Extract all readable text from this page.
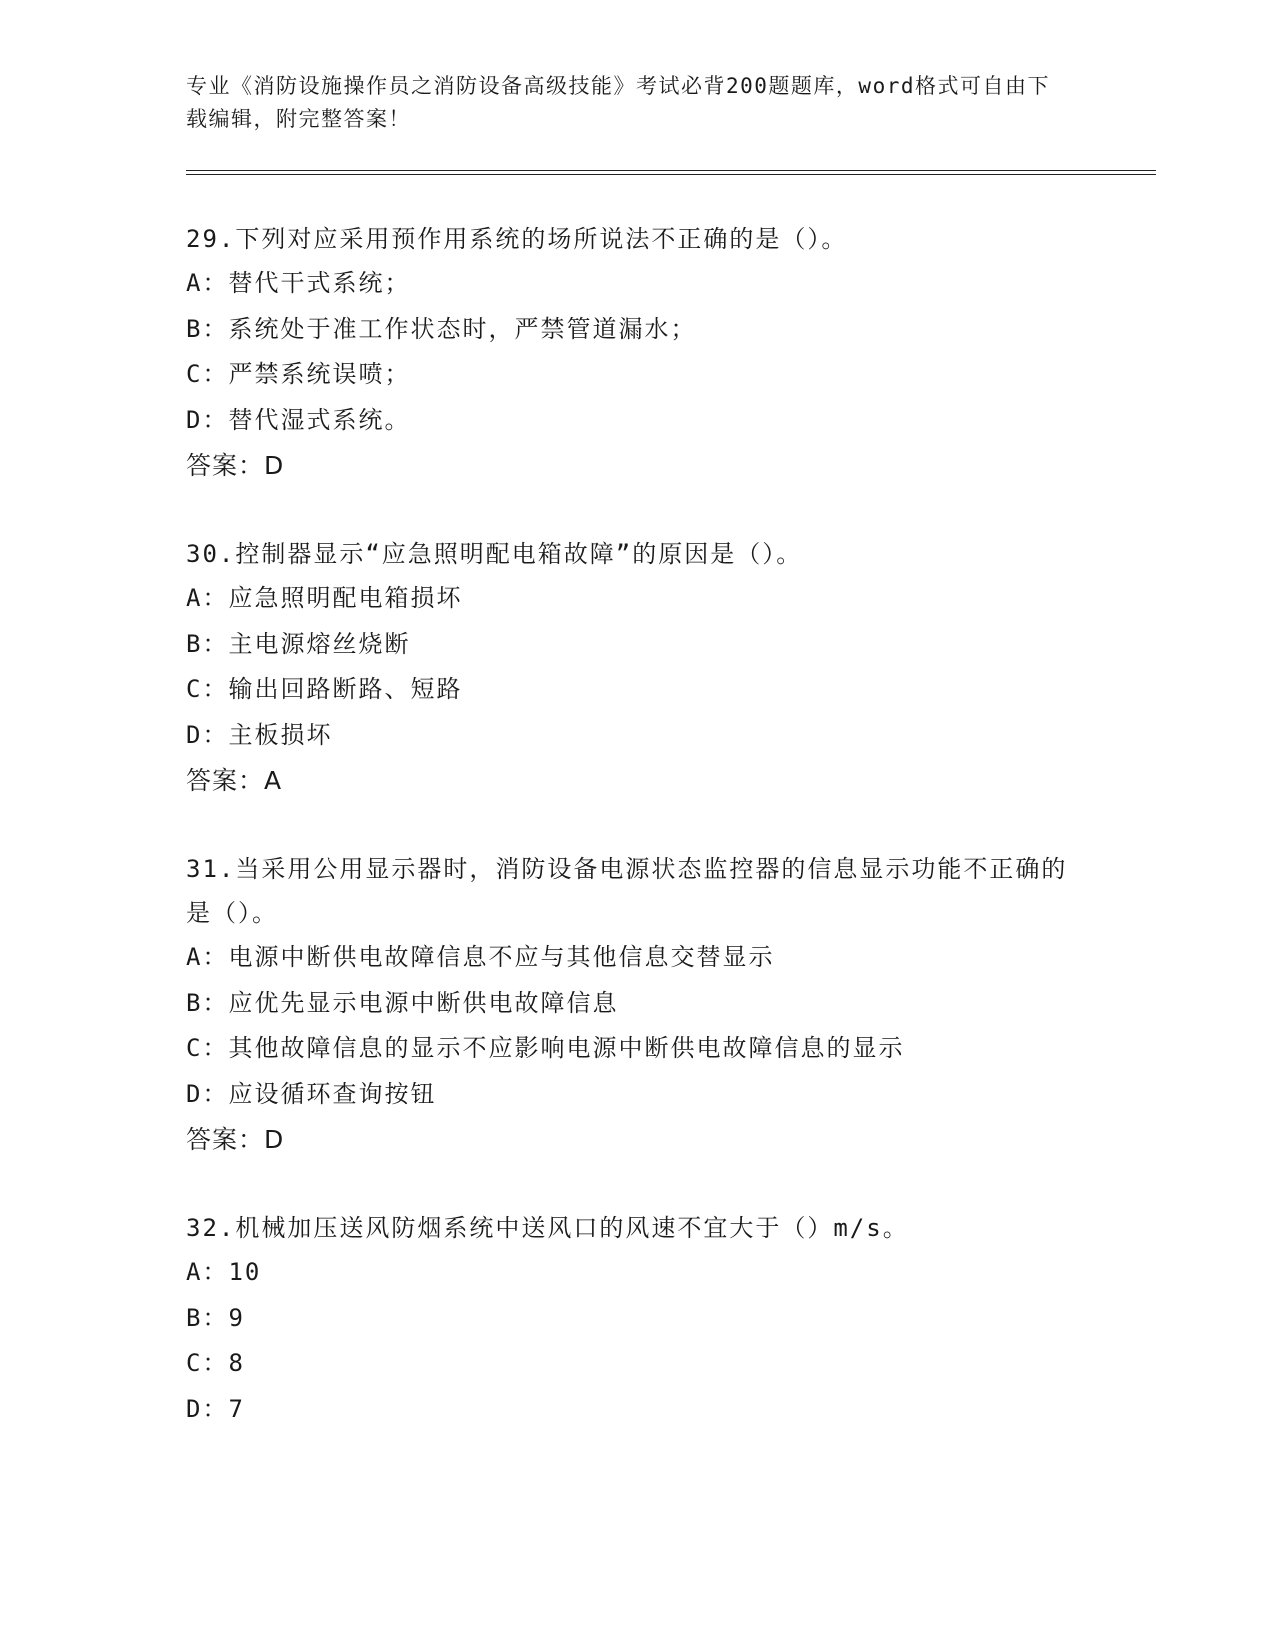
专业《消防设施操作员之消防设备高级技能》考试必背200题题库，word格式可自由下载编辑，附完整答案！

29.下列对应采用预作用系统的场所说法不正确的是（）。

A：替代干式系统；

B：系统处于准工作状态时，严禁管道漏水；

C：严禁系统误喷；

D：替代湿式系统。

答案：D

30.控制器显示“应急照明配电箱故障”的原因是（）。

A：应急照明配电箱损坏

B：主电源熔丝烧断

C：输出回路断路、短路

D：主板损坏

答案：A

31.当采用公用显示器时，消防设备电源状态监控器的信息显示功能不正确的是（）。

A：电源中断供电故障信息不应与其他信息交替显示

B：应优先显示电源中断供电故障信息

C：其他故障信息的显示不应影响电源中断供电故障信息的显示

D：应设循环查询按钮

答案：D

32.机械加压送风防烟系统中送风口的风速不宜大于（）m/s。

A：10

B：9

C：8

D：7
